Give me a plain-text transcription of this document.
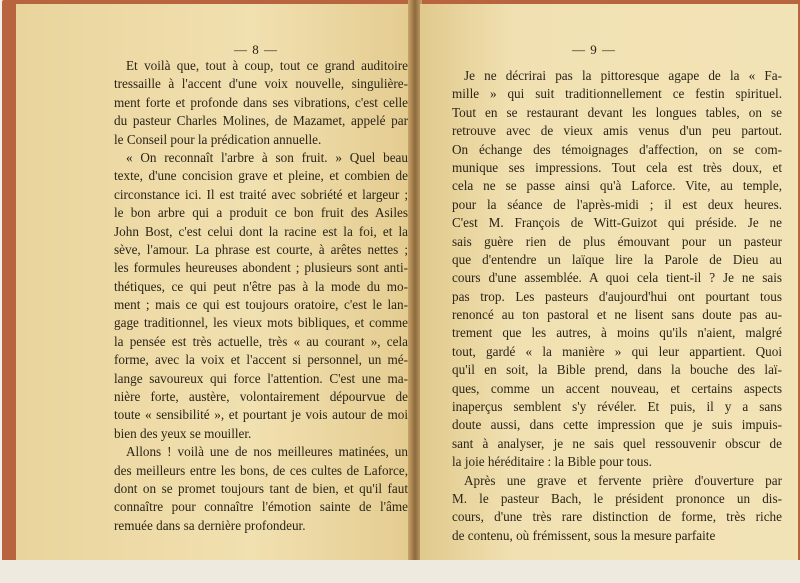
— 8 —
Et voilà que, tout à coup, tout ce grand auditoire
tressaille à l'accent d'une voix nouvelle, singulière-
ment forte et profonde dans ses vibrations, c'est celle
du pasteur Charles Molines, de Mazamet, appelé par
le Conseil pour la prédication annuelle.
« On reconnaît l'arbre à son fruit. » Quel beau
texte, d'une concision grave et pleine, et combien de
circonstance ici. Il est traité avec sobriété et largeur ;
le bon arbre qui a produit ce bon fruit des Asiles
John Bost, c'est celui dont la racine est la foi, et la
sève, l'amour. La phrase est courte, à arêtes nettes ;
les formules heureuses abondent ; plusieurs sont anti-
thétiques, ce qui peut n'être pas à la mode du mo-
ment ; mais ce qui est toujours oratoire, c'est le lan-
gage traditionnel, les vieux mots bibliques, et comme
la pensée est très actuelle, très « au courant », cela
forme, avec la voix et l'accent si personnel, un mé-
lange savoureux qui force l'attention. C'est une ma-
nière forte, austère, volontairement dépourvue de
toute « sensibilité », et pourtant je vois autour de moi
bien des yeux se mouiller.
Allons ! voilà une de nos meilleures matinées, un
des meilleurs entre les bons, de ces cultes de Laforce,
dont on se promet toujours tant de bien, et qu'il faut
connaître pour connaître l'émotion sainte de l'âme
remuée dans sa dernière profondeur.
— 9 —
Je ne décrirai pas la pittoresque agape de la « Fa-
mille » qui suit traditionnellement ce festin spirituel.
Tout en se restaurant devant les longues tables, on se
retrouve avec de vieux amis venus d'un peu partout.
On échange des témoignages d'affection, on se com-
munique ses impressions. Tout cela est très doux, et
cela ne se passe ainsi qu'à Laforce. Vite, au temple,
pour la séance de l'après-midi ; il est deux heures.
C'est M. François de Witt-Guizot qui préside. Je ne
sais guère rien de plus émouvant pour un pasteur
que d'entendre un laïque lire la Parole de Dieu au
cours d'une assemblée. A quoi cela tient-il ? Je ne sais
pas trop. Les pasteurs d'aujourd'hui ont pourtant tous
renoncé au ton pastoral et ne lisent sans doute pas au-
trement que les autres, à moins qu'ils n'aient, malgré
tout, gardé « la manière » qui leur appartient. Quoi
qu'il en soit, la Bible prend, dans la bouche des laï-
ques, comme un accent nouveau, et certains aspects
inaperçus semblent s'y révéler. Et puis, il y a sans
doute aussi, dans cette impression que je suis impuis-
sant à analyser, je ne sais quel ressouvenir obscur de
la joie héréditaire : la Bible pour tous.
Après une grave et fervente prière d'ouverture par
M. le pasteur Bach, le président prononce un dis-
cours, d'une très rare distinction de forme, très riche
de contenu, où frémissent, sous la mesure parfaite
